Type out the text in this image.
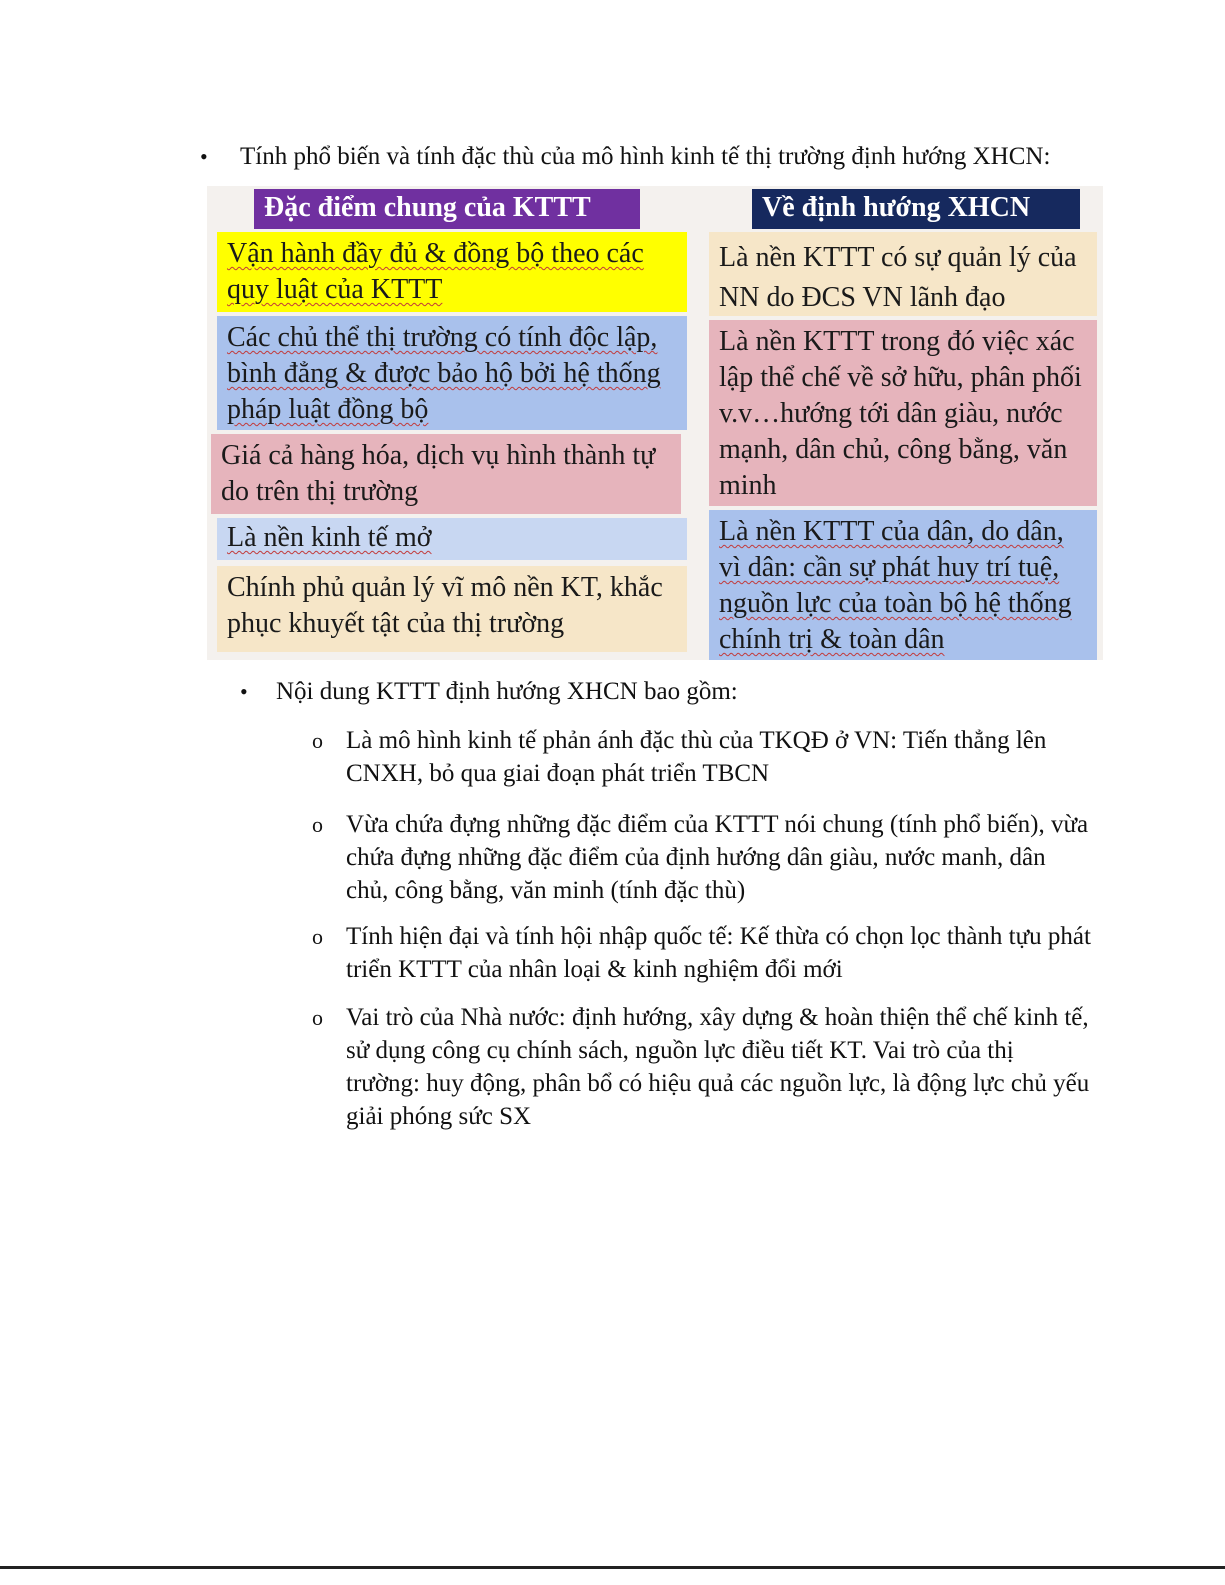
• Tính phổ biến và tính đặc thù của mô hình kinh tế thị trường định hướng XHCN:
Đặc điểm chung của KTTT	Về định hướng XHCN
Vận hành đầy đủ & đồng bộ theo các quy luật của KTTT
Các chủ thể thị trường có tính độc lập, bình đẳng & được bảo hộ bởi hệ thống pháp luật đồng bộ
Giá cả hàng hóa, dịch vụ hình thành tự do trên thị trường
Là nền kinh tế mở
Chính phủ quản lý vĩ mô nền KT, khắc phục khuyết tật của thị trường
Là nền KTTT có sự quản lý của NN do ĐCS VN lãnh đạo
Là nền KTTT trong đó việc xác lập thể chế về sở hữu, phân phối v.v…hướng tới dân giàu, nước mạnh, dân chủ, công bằng, văn minh
Là nền KTTT của dân, do dân, vì dân: cần sự phát huy trí tuệ, nguồn lực của toàn bộ hệ thống chính trị & toàn dân
• Nội dung KTTT định hướng XHCN bao gồm:
o Là mô hình kinh tế phản ánh đặc thù của TKQĐ ở VN: Tiến thẳng lên CNXH, bỏ qua giai đoạn phát triển TBCN
o Vừa chứa đựng những đặc điểm của KTTT nói chung (tính phổ biến), vừa chứa đựng những đặc điểm của định hướng dân giàu, nước manh, dân chủ, công bằng, văn minh (tính đặc thù)
o Tính hiện đại và tính hội nhập quốc tế: Kế thừa có chọn lọc thành tựu phát triển KTTT của nhân loại & kinh nghiệm đổi mới
o Vai trò của Nhà nước: định hướng, xây dựng & hoàn thiện thể chế kinh tế, sử dụng công cụ chính sách, nguồn lực điều tiết KT. Vai trò của thị trường: huy động, phân bổ có hiệu quả các nguồn lực, là động lực chủ yếu giải phóng sức SX
